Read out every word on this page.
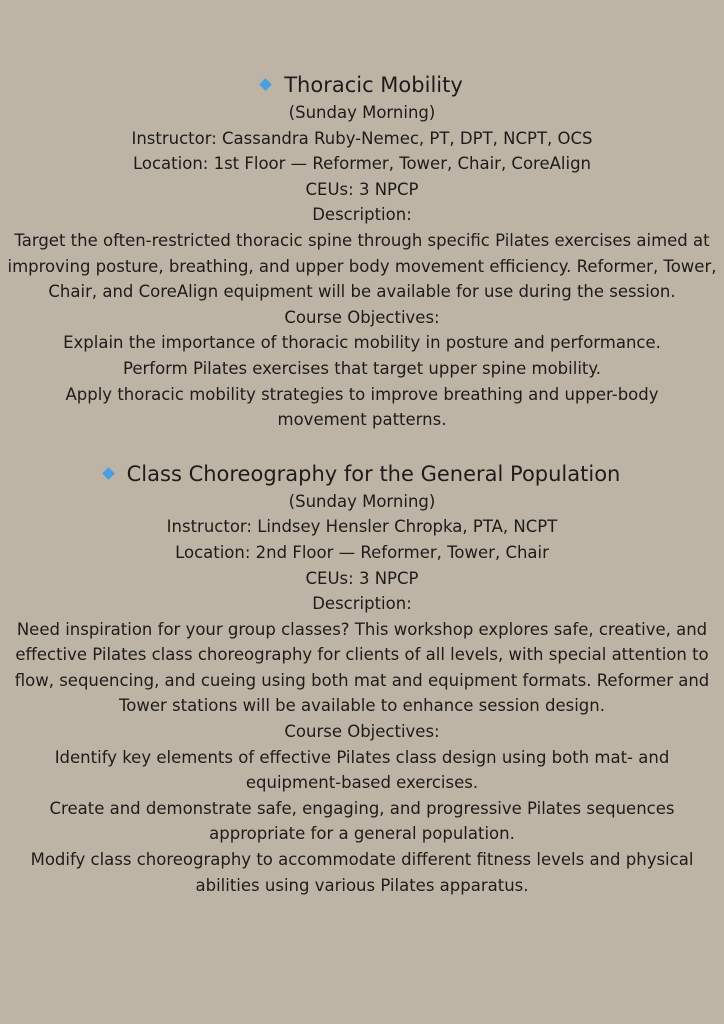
Thoracic Mobility

(Sunday Morning)

Instructor: Cassandra Ruby-Nemec, PT, DPT, NCPT, OCS

Location: 1st Floor — Reformer, Tower, Chair, CoreAlign

CEUs: 3 NPCP

Description:

Target the often-restricted thoracic spine through specific Pilates exercises aimed at improving posture, breathing, and upper body movement efficiency. Reformer, Tower, Chair, and CoreAlign equipment will be available for use during the session.

Course Objectives:

Explain the importance of thoracic mobility in posture and performance.

Perform Pilates exercises that target upper spine mobility.

Apply thoracic mobility strategies to improve breathing and upper-body movement patterns.

Class Choreography for the General Population

(Sunday Morning)

Instructor: Lindsey Hensler Chropka, PTA, NCPT

Location: 2nd Floor — Reformer, Tower, Chair

CEUs: 3 NPCP

Description:

Need inspiration for your group classes? This workshop explores safe, creative, and effective Pilates class choreography for clients of all levels, with special attention to flow, sequencing, and cueing using both mat and equipment formats. Reformer and Tower stations will be available to enhance session design.

Course Objectives:

Identify key elements of effective Pilates class design using both mat- and equipment-based exercises.

Create and demonstrate safe, engaging, and progressive Pilates sequences appropriate for a general population.

Modify class choreography to accommodate different fitness levels and physical abilities using various Pilates apparatus.
